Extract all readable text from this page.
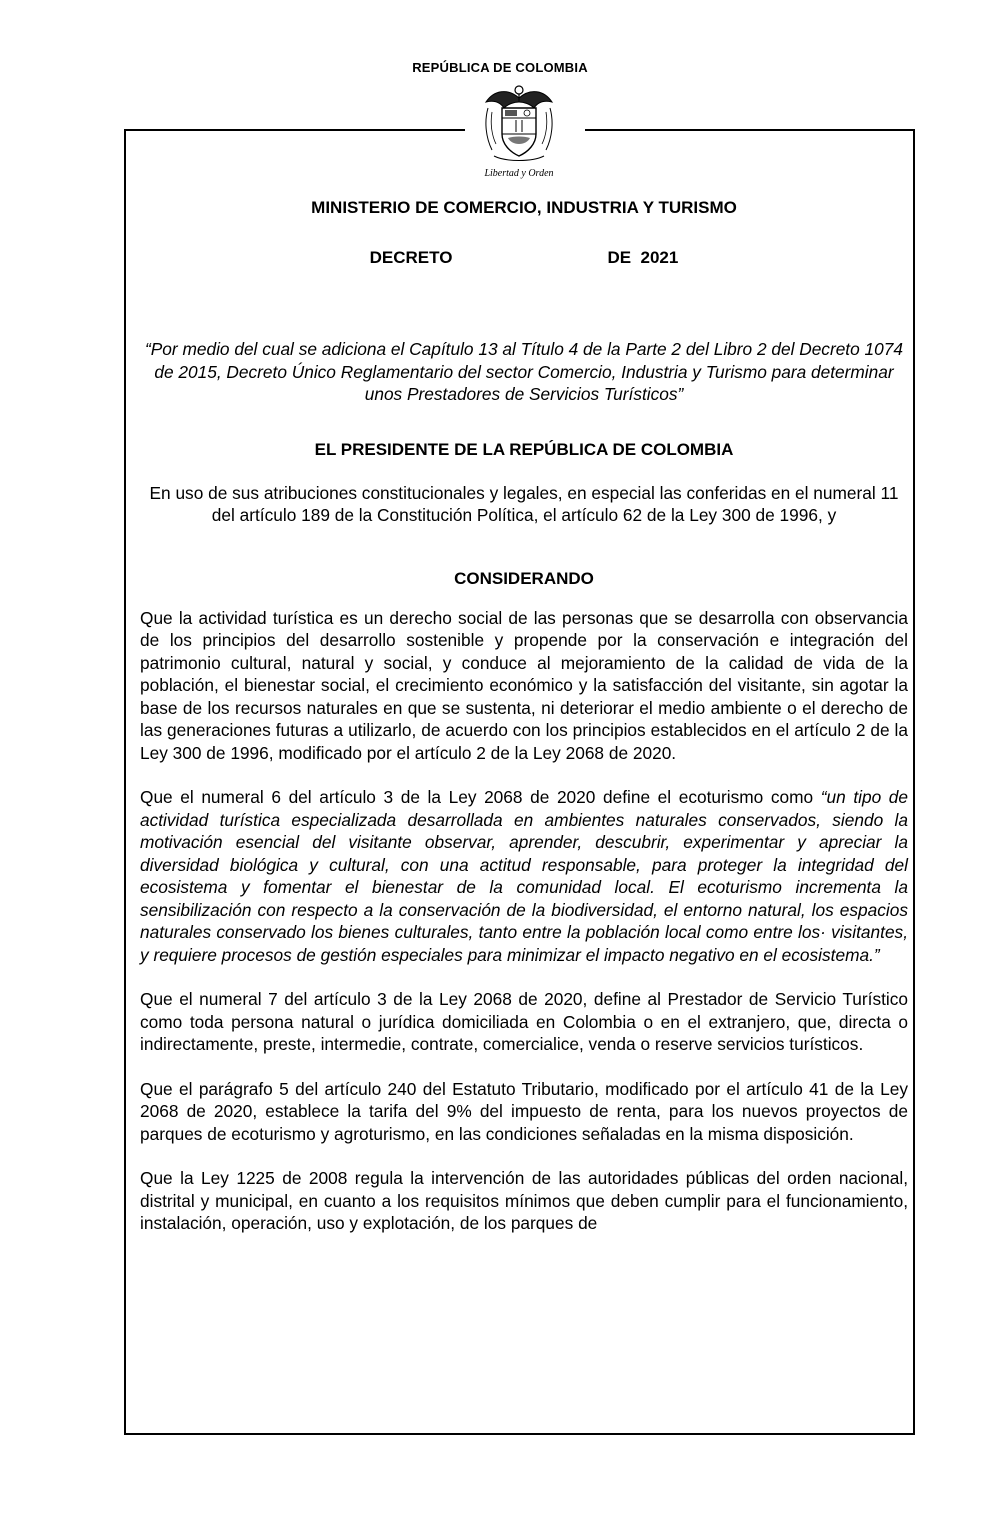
REPÚBLICA DE COLOMBIA
Libertad y Orden
MINISTERIO DE COMERCIO, INDUSTRIA Y TURISMO
DECRETO	DE  2021
“Por medio del cual se adiciona el Capítulo 13 al Título 4 de la Parte 2 del Libro 2 del Decreto 1074 de 2015, Decreto Único Reglamentario del sector Comercio, Industria y Turismo para determinar unos Prestadores de Servicios Turísticos”
EL PRESIDENTE DE LA REPÚBLICA DE COLOMBIA
En uso de sus atribuciones constitucionales y legales, en especial las conferidas en el numeral 11 del artículo 189 de la Constitución Política, el artículo 62 de la Ley 300 de 1996, y
CONSIDERANDO

Que la actividad turística es un derecho social de las personas que se desarrolla con observancia de los principios del desarrollo sostenible y propende por la conservación e integración del patrimonio cultural, natural y social, y conduce al mejoramiento de la calidad de vida de la población, el bienestar social, el crecimiento económico y la satisfacción del visitante, sin agotar la base de los recursos naturales en que se sustenta, ni deteriorar el medio ambiente o el derecho de las generaciones futuras a utilizarlo, de acuerdo con los principios establecidos en el artículo 2 de la Ley 300 de 1996, modificado por el artículo 2 de la Ley 2068 de 2020.

Que el numeral 6 del artículo 3 de la Ley 2068 de 2020 define el ecoturismo como “un tipo de actividad turística especializada desarrollada en ambientes naturales conservados, siendo la motivación esencial del visitante observar, aprender, descubrir, experimentar y apreciar la diversidad biológica y cultural, con una actitud responsable, para proteger la integridad del ecosistema y fomentar el bienestar de la comunidad local. El ecoturismo incrementa la sensibilización con respecto a la conservación de la biodiversidad, el entorno natural, los espacios naturales conservado los bienes culturales, tanto entre la población local como entre los· visitantes, y requiere procesos de gestión especiales para minimizar el impacto negativo en el ecosistema.”

Que el numeral 7 del artículo 3 de la Ley 2068 de 2020, define al Prestador de Servicio Turístico como toda persona natural o jurídica domiciliada en Colombia o en el extranjero, que, directa o indirectamente, preste, intermedie, contrate, comercialice, venda o reserve servicios turísticos.

Que el parágrafo 5 del artículo 240 del Estatuto Tributario, modificado por el artículo 41 de la Ley 2068 de 2020, establece la tarifa del 9% del impuesto de renta, para los nuevos proyectos de parques de ecoturismo y agroturismo, en las condiciones señaladas en la misma disposición.

Que la Ley 1225 de 2008 regula la intervención de las autoridades públicas del orden nacional, distrital y municipal, en cuanto a los requisitos mínimos que deben cumplir para el funcionamiento, instalación, operación, uso y explotación, de los parques de
